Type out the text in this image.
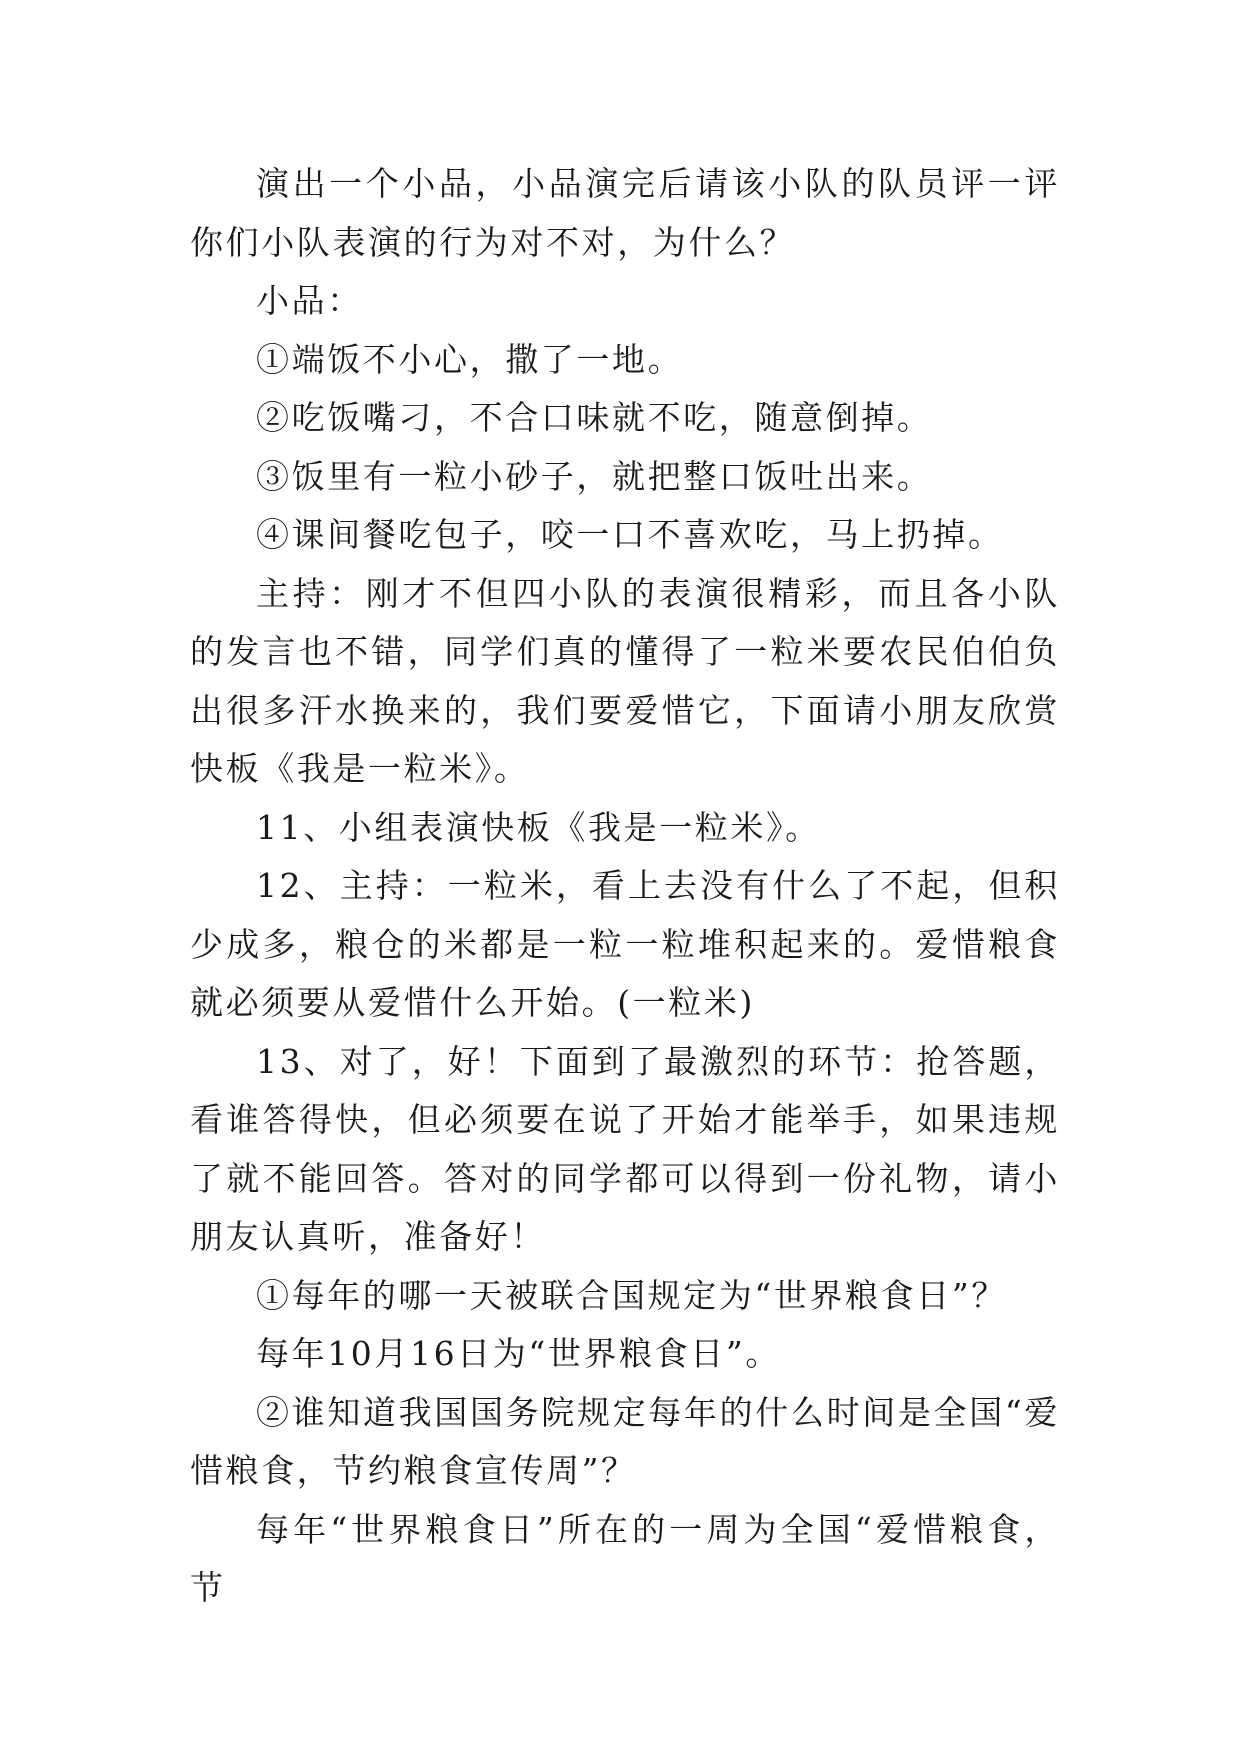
演出一个小品，小品演完后请该小队的队员评一评你们小队表演的行为对不对，为什么？

小品：

①端饭不小心，撒了一地。

②吃饭嘴刁，不合口味就不吃，随意倒掉。

③饭里有一粒小砂子，就把整口饭吐出来。

④课间餐吃包子，咬一口不喜欢吃，马上扔掉。

主持：刚才不但四小队的表演很精彩，而且各小队的发言也不错，同学们真的懂得了一粒米要农民伯伯负出很多汗水换来的，我们要爱惜它，下面请小朋友欣赏快板《我是一粒米》。

11、小组表演快板《我是一粒米》。

12、主持：一粒米，看上去没有什么了不起，但积少成多，粮仓的米都是一粒一粒堆积起来的。爱惜粮食就必须要从爱惜什么开始。(一粒米)

13、对了，好！下面到了最激烈的环节：抢答题，看谁答得快，但必须要在说了开始才能举手，如果违规了就不能回答。答对的同学都可以得到一份礼物，请小朋友认真听，准备好！

①每年的哪一天被联合国规定为“世界粮食日”？

每年10月16日为“世界粮食日”。

②谁知道我国国务院规定每年的什么时间是全国“爱惜粮食，节约粮食宣传周”？

每年“世界粮食日”所在的一周为全国“爱惜粮食，节
